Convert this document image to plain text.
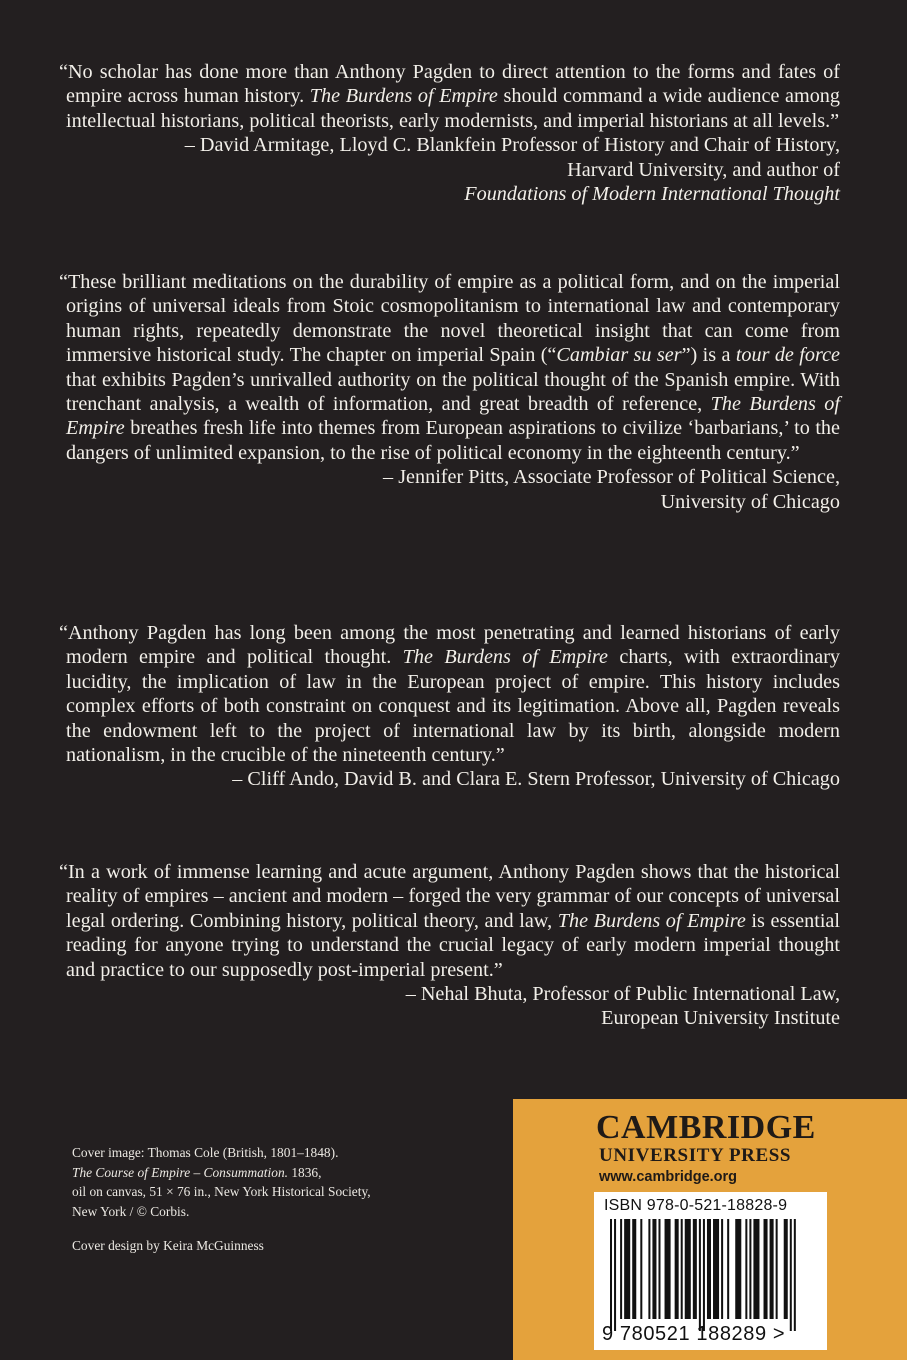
“No scholar has done more than Anthony Pagden to direct attention to the forms and fates of empire across human history. The Burdens of Empire should command a wide audience among intellectual historians, political theorists, early modernists, and imperial historians at all levels.”

– David Armitage, Lloyd C. Blankfein Professor of History and Chair of History,
Harvard University, and author of
Foundations of Modern International Thought

“These brilliant meditations on the durability of empire as a political form, and on the imperial origins of universal ideals from Stoic cosmopolitanism to international law and contemporary human rights, repeatedly demonstrate the novel theoretical insight that can come from immersive historical study. The chapter on imperial Spain (“Cambiar su ser”) is a tour de force that exhibits Pagden’s unrivalled authority on the political thought of the Spanish empire. With trenchant analysis, a wealth of information, and great breadth of reference, The Burdens of Empire breathes fresh life into themes from European aspirations to civilize ‘barbarians,’ to the dangers of unlimited expansion, to the rise of political economy in the eighteenth century.”

– Jennifer Pitts, Associate Professor of Political Science,
University of Chicago

“Anthony Pagden has long been among the most penetrating and learned historians of early modern empire and political thought. The Burdens of Empire charts, with extraordinary lucidity, the implication of law in the European project of empire. This history includes complex efforts of both constraint on conquest and its legitimation. Above all, Pagden reveals the endowment left to the project of international law by its birth, alongside modern nationalism, in the crucible of the nineteenth century.”

– Cliff Ando, David B. and Clara E. Stern Professor, University of Chicago

“In a work of immense learning and acute argument, Anthony Pagden shows that the historical reality of empires – ancient and modern – forged the very grammar of our concepts of universal legal ordering. Combining history, political theory, and law, The Burdens of Empire is essential reading for anyone trying to understand the crucial legacy of early modern imperial thought and practice to our supposedly post-imperial present.”

– Nehal Bhuta, Professor of Public International Law,
European University Institute

Cover image: Thomas Cole (British, 1801–1848).

The Course of Empire – Consummation. 1836,

oil on canvas, 51 × 76 in., New York Historical Society,

New York / © Corbis.

Cover design by Keira McGuinness

CAMBRIDGE
UNIVERSITY PRESS
www.cambridge.org
ISBN 978-0-521-18828-9
9 780521 188289 >
